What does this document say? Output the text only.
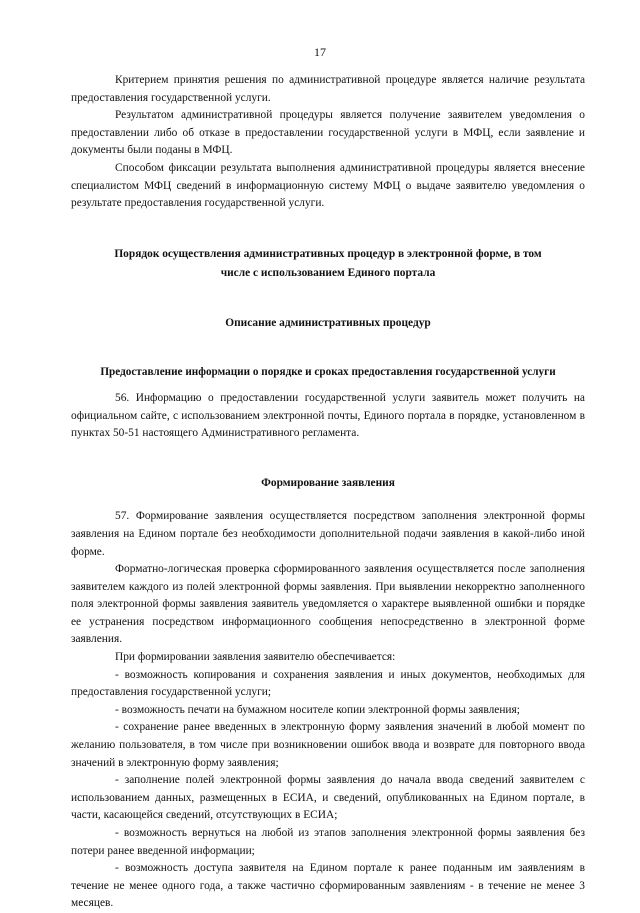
17

Критерием принятия решения по административной процедуре является наличие результата предоставления государственной услуги.

Результатом административной процедуры является получение заявителем уведомления о предоставлении либо об отказе в предоставлении государственной услуги в МФЦ, если заявление и документы были поданы в МФЦ.

Способом фиксации результата выполнения административной процедуры является внесение специалистом МФЦ сведений в информационную систему МФЦ о выдаче заявителю уведомления о результате предоставления государственной услуги.

Порядок осуществления административных процедур в электронной форме, в том числе с использованием Единого портала

Описание административных процедур

Предоставление информации о порядке и сроках предоставления государственной услуги

56. Информацию о предоставлении государственной услуги заявитель может получить на официальном сайте, с использованием электронной почты, Единого портала в порядке, установленном в пунктах 50-51 настоящего Административного регламента.

Формирование заявления

57. Формирование заявления осуществляется посредством заполнения электронной формы заявления на Едином портале без необходимости дополнительной подачи заявления в какой-либо иной форме.

Форматно-логическая проверка сформированного заявления осуществляется после заполнения заявителем каждого из полей электронной формы заявления. При выявлении некорректно заполненного поля электронной формы заявления заявитель уведомляется о характере выявленной ошибки и порядке ее устранения посредством информационного сообщения непосредственно в электронной форме заявления.

При формировании заявления заявителю обеспечивается:

- возможность копирования и сохранения заявления и иных документов, необходимых для предоставления государственной услуги;

- возможность печати на бумажном носителе копии электронной формы заявления;

- сохранение ранее введенных в электронную форму заявления значений в любой момент по желанию пользователя, в том числе при возникновении ошибок ввода и возврате для повторного ввода значений в электронную форму заявления;

- заполнение полей электронной формы заявления до начала ввода сведений заявителем с использованием данных, размещенных в ЕСИА, и сведений, опубликованных на Едином портале, в части, касающейся сведений, отсутствующих в ЕСИА;

- возможность вернуться на любой из этапов заполнения электронной формы заявления без потери ранее введенной информации;

- возможность доступа заявителя на Едином портале к ранее поданным им заявлениям в течение не менее одного года, а также частично сформированным заявлениям - в течение не менее 3 месяцев.
